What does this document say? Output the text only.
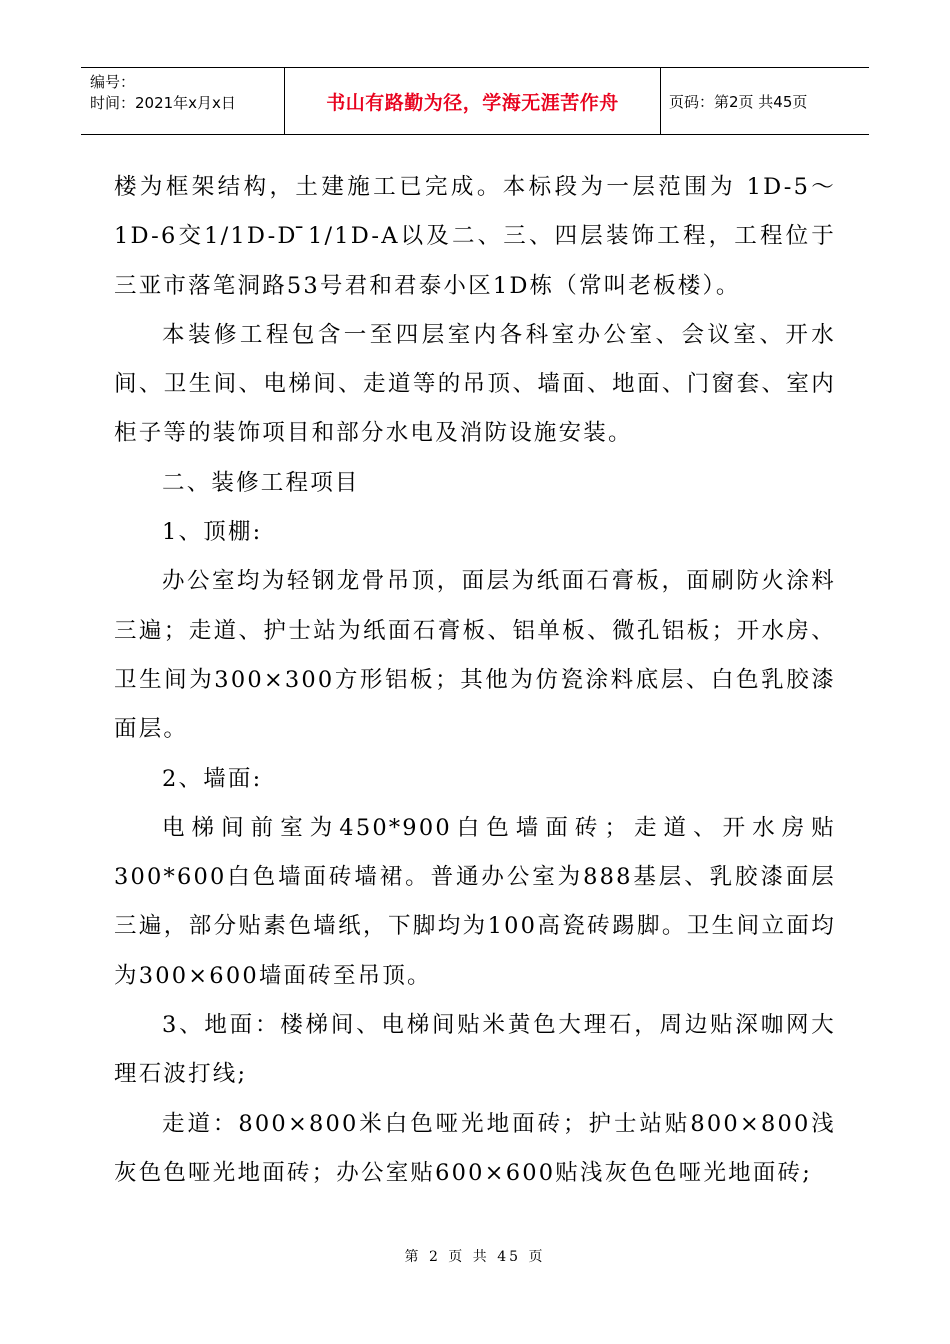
编号：
时间：2021年x月x日	书山有路勤为径，学海无涯苦作舟	页码：第2页 共45页

楼为框架结构，土建施工已完成。本标段为一层范围为 1D-5～1D-6交1/1D-D ̄1/1D-A以及二、三、四层装饰工程，工程位于三亚市落笔洞路53号君和君泰小区1D栋（常叫老板楼）。

本装修工程包含一至四层室内各科室办公室、会议室、开水间、卫生间、电梯间、走道等的吊顶、墙面、地面、门窗套、室内柜子等的装饰项目和部分水电及消防设施安装。

二、装修工程项目

1、顶棚:

办公室均为轻钢龙骨吊顶，面层为纸面石膏板，面刷防火涂料三遍；走道、护士站为纸面石膏板、铝单板、微孔铝板；开水房、卫生间为300×300方形铝板；其他为仿瓷涂料底层、白色乳胶漆面层。

2、墙面:

电梯间前室为450*900白色墙面砖；走道、开水房贴300*600白色墙面砖墙裙。普通办公室为888基层、乳胶漆面层三遍，部分贴素色墙纸，下脚均为100高瓷砖踢脚。卫生间立面均为300×600墙面砖至吊顶。

3、地面：楼梯间、电梯间贴米黄色大理石，周边贴深咖网大理石波打线;

走道：800×800米白色哑光地面砖；护士站贴800×800浅灰色色哑光地面砖；办公室贴600×600贴浅灰色色哑光地面砖;

第 2 页 共 45 页
